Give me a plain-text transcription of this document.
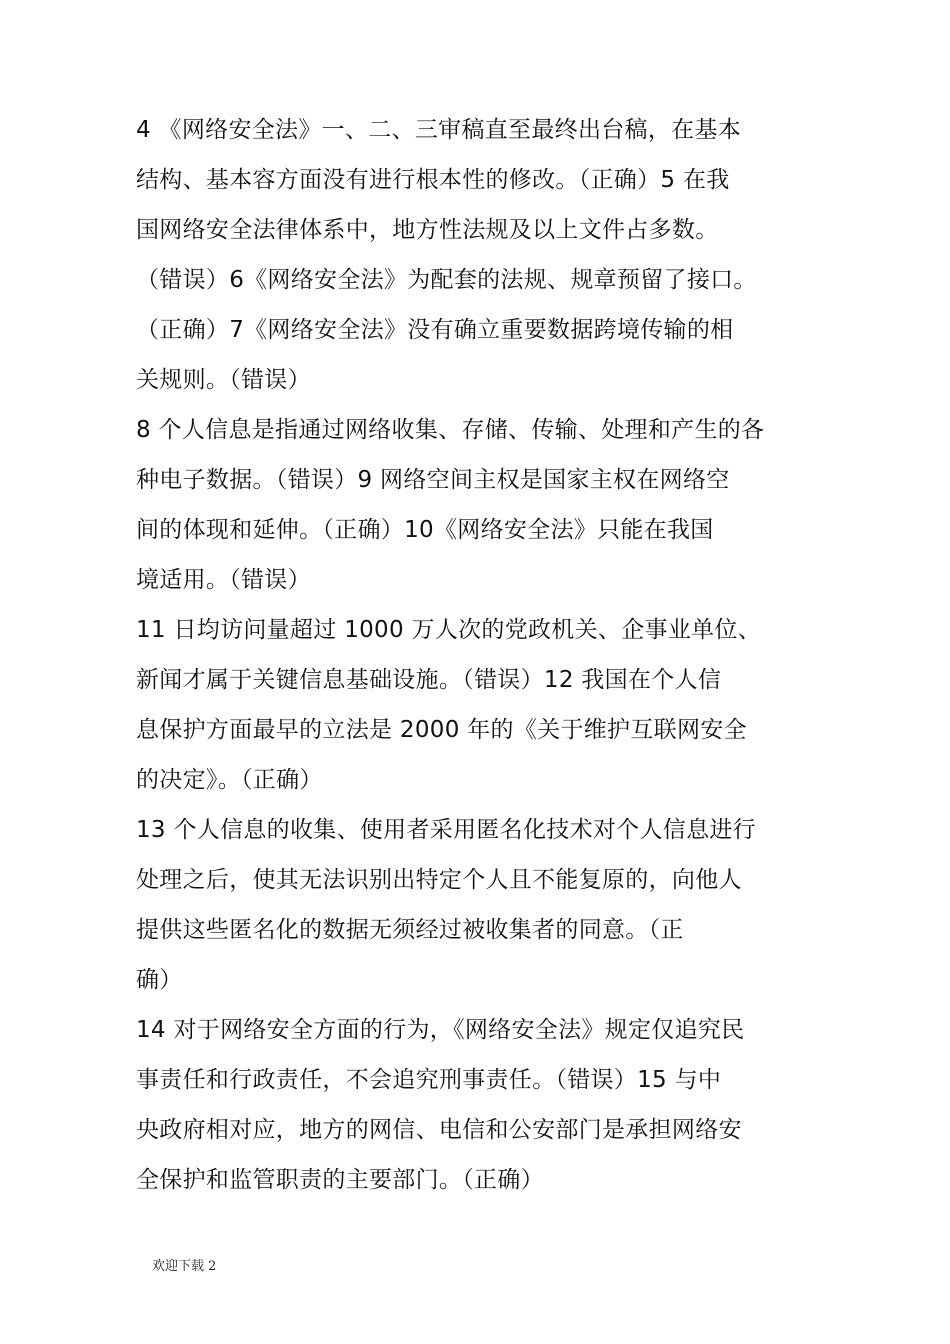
4 《网络安全法》一、二、三审稿直至最终出台稿，在基本
结构、基本容方面没有进行根本性的修改。（正确）5 在我
国网络安全法律体系中，地方性法规及以上文件占多数。
（错误）6《网络安全法》为配套的法规、规章预留了接口。
（正确）7《网络安全法》没有确立重要数据跨境传输的相
关规则。（错误）
8 个人信息是指通过网络收集、存储、传输、处理和产生的各
种电子数据。（错误）9 网络空间主权是国家主权在网络空
间的体现和延伸。（正确）10《网络安全法》只能在我国
境适用。（错误）
11 日均访问量超过 1000 万人次的党政机关、企事业单位、
新闻才属于关键信息基础设施。（错误）12 我国在个人信
息保护方面最早的立法是 2000 年的《关于维护互联网安全
的决定》。（正确）
13 个人信息的收集、使用者采用匿名化技术对个人信息进行
处理之后，使其无法识别出特定个人且不能复原的，向他人
提供这些匿名化的数据无须经过被收集者的同意。（正
确）
14 对于网络安全方面的行为，《网络安全法》规定仅追究民
事责任和行政责任，不会追究刑事责任。（错误）15 与中
央政府相对应，地方的网信、电信和公安部门是承担网络安
全保护和监管职责的主要部门。（正确）
欢迎下载 2
